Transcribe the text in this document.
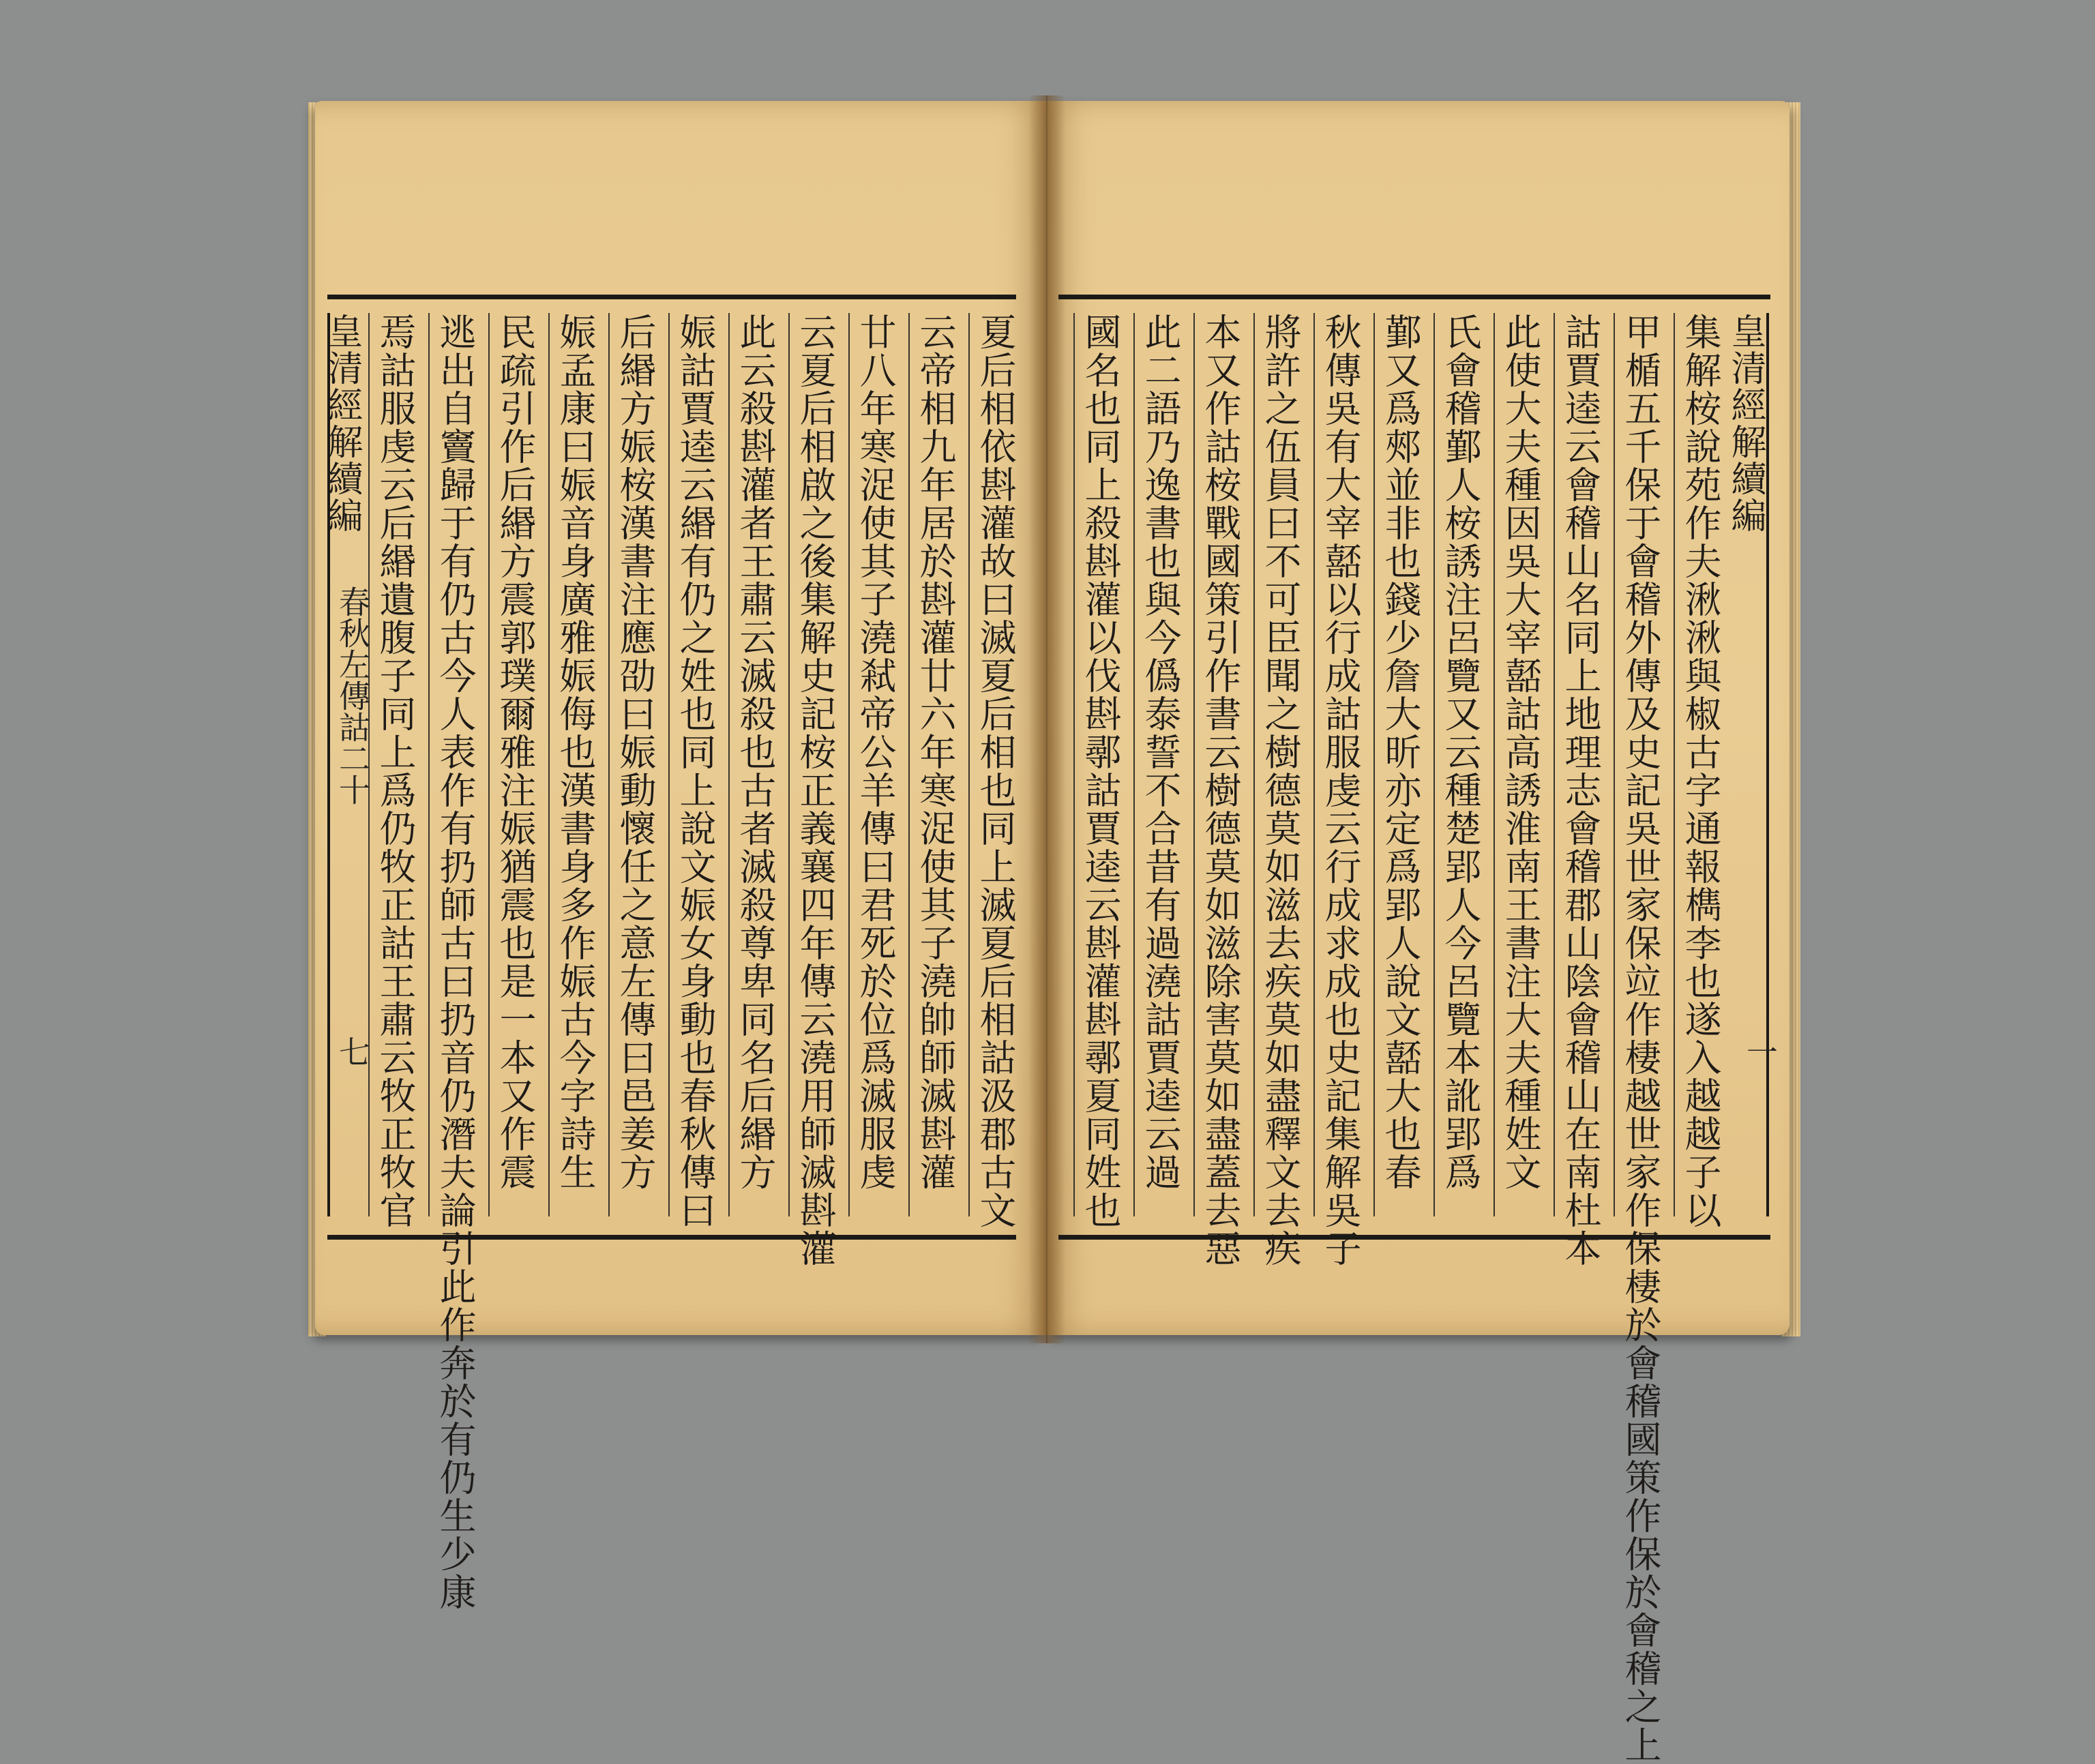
夏后相依斟灌故曰滅夏后相也同上滅夏后相詁汲郡古文
云帝相九年居於斟灌廿六年寒浞使其子澆帥師滅斟灌
廿八年寒浞使其子澆弒帝公羊傳曰君死於位爲滅服虔
云夏后相啟之後集解史記桉正義襄四年傳云澆用師滅斟灌
此云殺斟灌者王肅云滅殺也古者滅殺尊卑同名后緡方
娠詁賈逵云緡有仍之姓也同上說文娠女身動也春秋傳曰
后緡方娠桉漢書注應劭曰娠動懷任之意左傳曰邑姜方
娠孟康曰娠音身廣雅娠侮也漢書身多作娠古今字詩生
民疏引作后緡方震郭璞爾雅注娠猶震也是一本又作震
逃出自竇歸于有仍古今人表作有扔師古曰扔音仍潛夫論引此作奔於有仍生少康
焉詁服虔云后緡遺腹子同上爲仍牧正詁王肅云牧正牧官
皇清經解續編
春秋左傳詁二十
七
皇清經解續編
一
集解桉說苑作夫湫湫與椒古字通報檇李也遂入越越子以
甲楯五千保于會稽外傳及史記吳世家保竝作棲越世家作保棲於會稽國策作保於會稽之上
詁賈逵云會稽山名同上地理志會稽郡山陰會稽山在南杜本
此使大夫種因吳大宰嚭詁高誘淮南王書注大夫種姓文
氏會稽鄞人桉誘注呂覽又云種楚郢人今呂覽本訛郢爲
鄞又爲郟並非也錢少詹大昕亦定爲郢人說文嚭大也春
秋傳吳有大宰嚭以行成詁服虔云行成求成也史記集解吳子
將許之伍員曰不可臣聞之樹德莫如滋去疾莫如盡釋文去疾
本又作詁桉戰國策引作書云樹德莫如滋除害莫如盡蓋去惡
此二語乃逸書也與今僞泰誓不合昔有過澆詁賈逵云過
國名也同上殺斟灌以伐斟鄩詁賈逵云斟灌斟鄩夏同姓也
